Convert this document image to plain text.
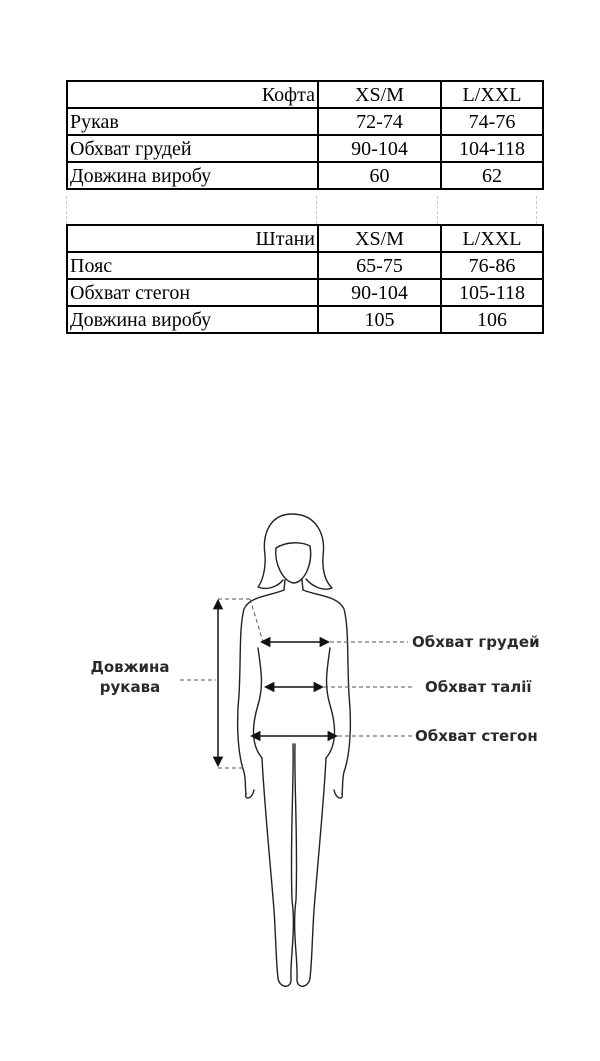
Кофта	XS/M	L/XXL
Рукав	72-74	74-76
Обхват грудей	90-104	104-118
Довжина виробу	60	62
Штани	XS/M	L/XXL
Пояс	65-75	76-86
Обхват стегон	90-104	105-118
Довжина виробу	105	106
Довжина
рукава
Обхват грудей
Обхват талії
Обхват стегон
